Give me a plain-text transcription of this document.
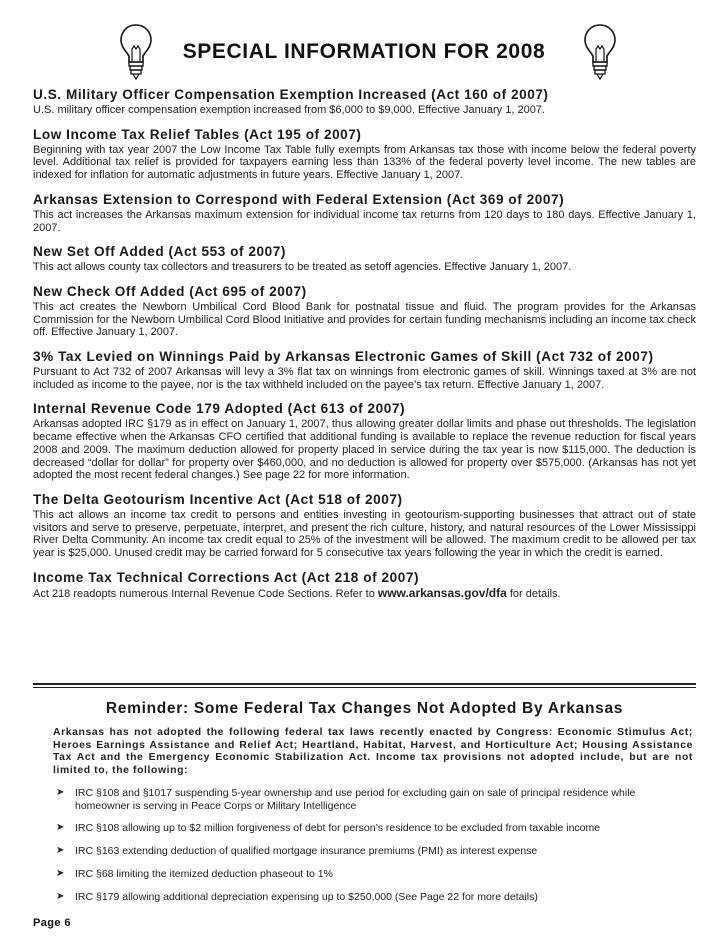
SPECIAL INFORMATION FOR 2008
U.S. Military Officer Compensation Exemption Increased (Act 160 of 2007)
U.S. military officer compensation exemption increased from $6,000 to $9,000. Effective January 1, 2007.
Low Income Tax Relief Tables (Act 195 of 2007)
Beginning with tax year 2007 the Low Income Tax Table fully exempts from Arkansas tax those with income below the federal poverty level. Additional tax relief is provided for taxpayers earning less than 133% of the federal poverty level income. The new tables are indexed for inflation for automatic adjustments in future years. Effective January 1, 2007.
Arkansas Extension to Correspond with Federal Extension (Act 369 of 2007)
This act increases the Arkansas maximum extension for individual income tax returns from 120 days to 180 days. Effective January 1, 2007.
New Set Off Added (Act 553 of 2007)
This act allows county tax collectors and treasurers to be treated as setoff agencies. Effective January 1, 2007.
New Check Off Added (Act 695 of 2007)
This act creates the Newborn Umbilical Cord Blood Bank for postnatal tissue and fluid. The program provides for the Arkansas Commission for the Newborn Umbilical Cord Blood Initiative and provides for certain funding mechanisms including an income tax check off. Effective January 1, 2007.
3% Tax Levied on Winnings Paid by Arkansas Electronic Games of Skill (Act 732 of 2007)
Pursuant to Act 732 of 2007 Arkansas will levy a 3% flat tax on winnings from electronic games of skill. Winnings taxed at 3% are not included as income to the payee, nor is the tax withheld included on the payee’s tax return. Effective January 1, 2007.
Internal Revenue Code 179 Adopted (Act 613 of 2007)
Arkansas adopted IRC §179 as in effect on January 1, 2007, thus allowing greater dollar limits and phase out thresholds. The legislation became effective when the Arkansas CFO certified that additional funding is available to replace the revenue reduction for fiscal years 2008 and 2009. The maximum deduction allowed for property placed in service during the tax year is now $115,000. The deduction is decreased “dollar for dollar” for property over $460,000, and no deduction is allowed for property over $575,000. (Arkansas has not yet adopted the most recent federal changes.) See page 22 for more information.
The Delta Geotourism Incentive Act (Act 518 of 2007)
This act allows an income tax credit to persons and entities investing in geotourism-supporting businesses that attract out of state visitors and serve to preserve, perpetuate, interpret, and present the rich culture, history, and natural resources of the Lower Mississippi River Delta Community. An income tax credit equal to 25% of the investment will be allowed. The maximum credit to be allowed per tax year is $25,000. Unused credit may be carried forward for 5 consecutive tax years following the year in which the credit is earned.
Income Tax Technical Corrections Act (Act 218 of 2007)
Act 218 readopts numerous Internal Revenue Code Sections. Refer to www.arkansas.gov/dfa for details.
Reminder: Some Federal Tax Changes Not Adopted By Arkansas
Arkansas has not adopted the following federal tax laws recently enacted by Congress: Economic Stimulus Act; Heroes Earnings Assistance and Relief Act; Heartland, Habitat, Harvest, and Horticulture Act; Housing Assistance Tax Act and the Emergency Economic Stabilization Act. Income tax provisions not adopted include, but are not limited to, the following:
➤ IRC §108 and §1017 suspending 5-year ownership and use period for excluding gain on sale of principal residence while homeowner is serving in Peace Corps or Military Intelligence
➤ IRC §108 allowing up to $2 million forgiveness of debt for person’s residence to be excluded from taxable income
➤ IRC §163 extending deduction of qualified mortgage insurance premiums (PMI) as interest expense
➤ IRC §68 limiting the itemized deduction phaseout to 1%
➤ IRC §179 allowing additional depreciation expensing up to $250,000 (See Page 22 for more details)
Page 6
